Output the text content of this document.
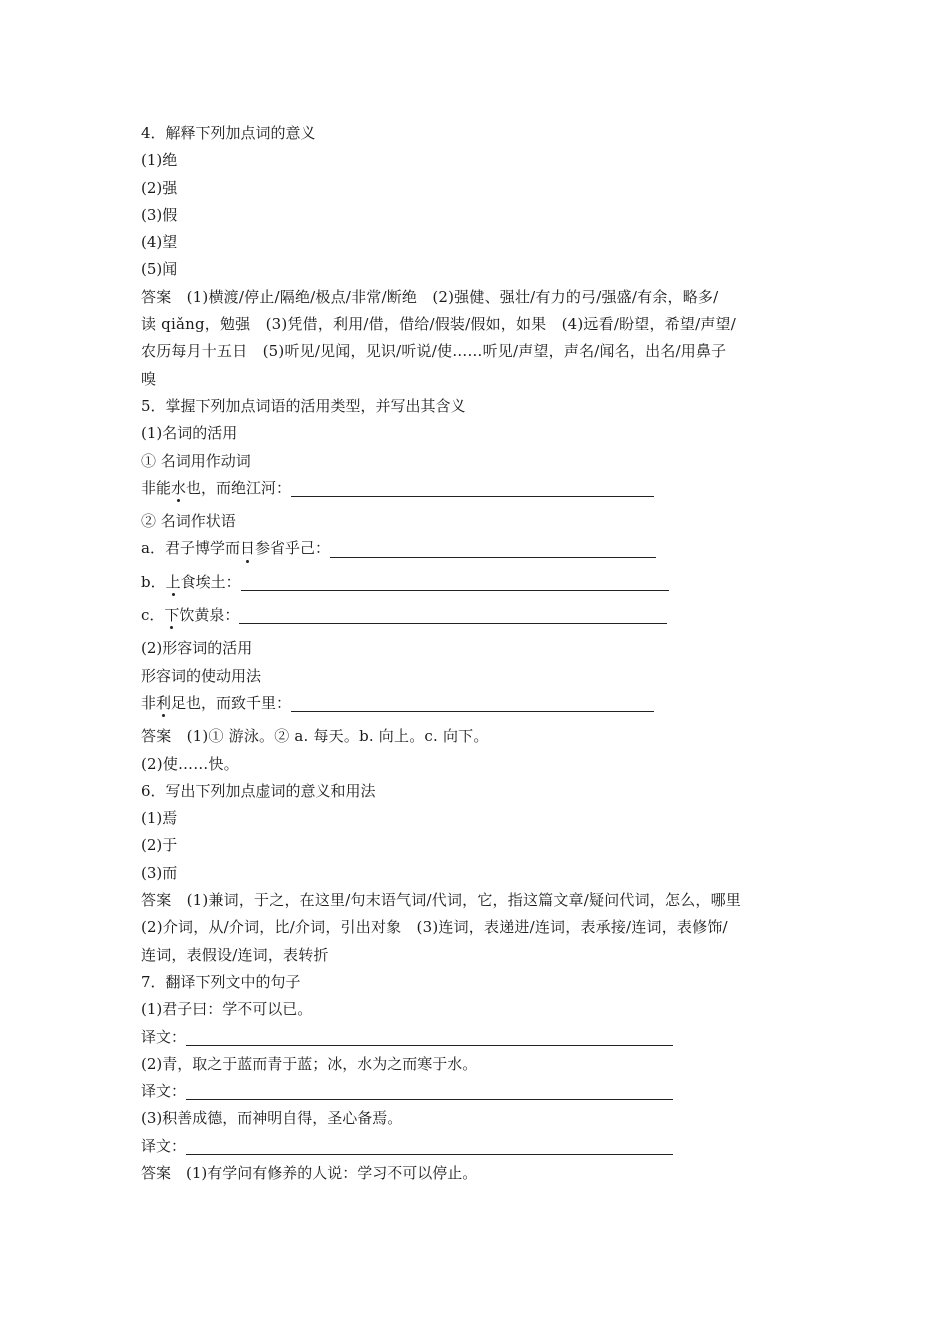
4．解释下列加点词的意义
(1)绝
(2)强
(3)假
(4)望
(5)闻
答案　(1)横渡/停止/隔绝/极点/非常/断绝　(2)强健、强壮/有力的弓/强盛/有余，略多/
读 qiǎng，勉强　(3)凭借，利用/借，借给/假装/假如，如果　(4)远看/盼望，希望/声望/
农历每月十五日　(5)听见/见闻，见识/听说/使……听见/声望，声名/闻名，出名/用鼻子
嗅
5．掌握下列加点词语的活用类型，并写出其含义
(1)名词的活用
① 名词用作动词
非能水也，而绝江河：
② 名词作状语
a．君子博学而日参省乎己：
b．上食埃土：
c．下饮黄泉：
(2)形容词的活用
形容词的使动用法
非利足也，而致千里：
答案　(1)① 游泳。② a. 每天。b. 向上。c. 向下。
(2)使……快。
6．写出下列加点虚词的意义和用法
(1)焉
(2)于
(3)而
答案　(1)兼词，于之，在这里/句末语气词/代词，它，指这篇文章/疑问代词，怎么，哪里
(2)介词，从/介词，比/介词，引出对象　(3)连词，表递进/连词，表承接/连词，表修饰/
连词，表假设/连词，表转折
7．翻译下列文中的句子
(1)君子曰：学不可以已。
译文：
(2)青，取之于蓝而青于蓝；冰，水为之而寒于水。
译文：
(3)积善成德，而神明自得，圣心备焉。
译文：
答案　(1)有学问有修养的人说：学习不可以停止。
